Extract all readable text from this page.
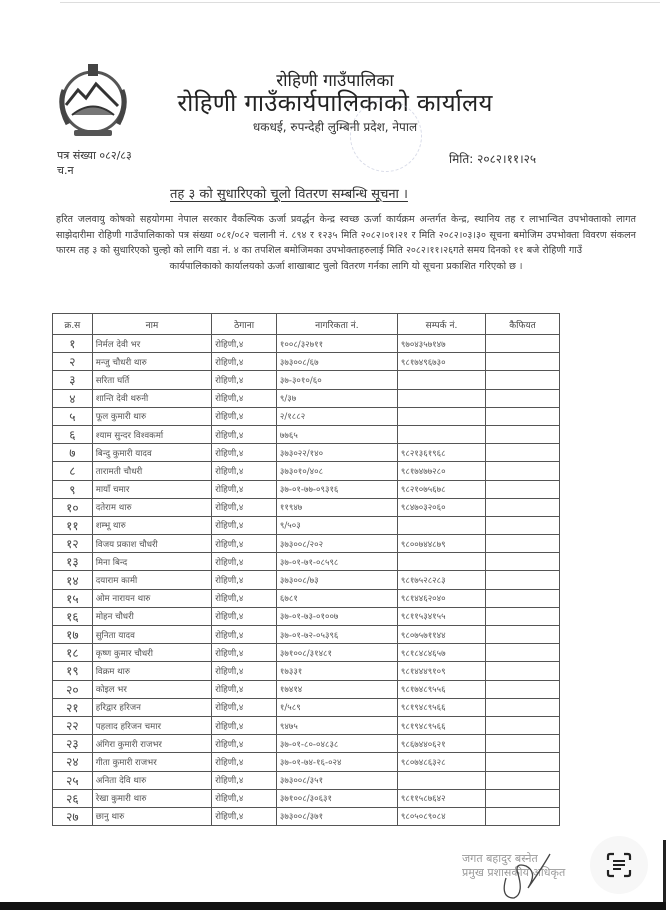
रोहिणी गाउँपालिका
रोहिणी गाउँकार्यपालिकाको कार्यालय
धकधई, रुपन्देही लुम्बिनी प्रदेश, नेपाल
पत्र संख्या ०८२/८३
च.न
मिति: २०८२।११।२५
तह ३ को सुधारिएको चूलो वितरण सम्बन्धि सूचना ।
हरित जलवायु कोषको सहयोगमा नेपाल सरकार वैकल्पिक ऊर्जा प्रवर्द्धन केन्द्र स्वच्छ ऊर्जा कार्यक्रम अन्तर्गत केन्द्र, स्थानिय तह र लाभान्वित उपभोक्ताको लागत साझेदारीमा रोहिणी गाउँपालिकाको पत्र संख्या ०८१/०८२ चलानी नं. ८९४ र १२३५ मिति २०८२।०१।२१ र मिति २०८२।०३।३० सूचना बमोजिम उपभोक्ता विवरण संकलन फारम तह ३ को सुधारिएको चुल्हो को लागि वडा नं. ४ का तपशिल बमोजिमका उपभोक्ताहरुलाई मिति २०८२।११।२६गते समय दिनको ११ बजे रोहिणी गाउँ
कार्यपालिकाको कार्यालयको ऊर्जा शाखाबाट चुलो वितरण गर्नका लागि यो सूचना प्रकाशित गरिएको छ ।
क्र.स	नाम	ठेगाना	नागरिकता नं.	सम्पर्क नं.	कैफियत
१	निर्मल देवी भर	रोहिणी,४	१००८/३२७११	९७०४३५७१४७	
२	मन्जु चौधरी थारु	रोहिणी,४	३७३००८/६७	९८१७४९६७३०	
३	सरिता घर्ति	रोहिणी,४	३७-३०१०/६०		
४	शान्ति देवी थरुनी	रोहिणी,४	९/३७		
५	फूल कुमारी थारु	रोहिणी,४	२/१८८२		
६	श्याम सुन्दर विश्वकर्मा	रोहिणी,४	७७६५		
७	बिन्दु कुमारी यादव	रोहिणी,४	३७३०२२/१४०	९८२१३६१९६८	
८	तारामती चौधरी	रोहिणी,४	३७३०१०/४०८	९८१७४७७२८०	
९	मायाँ चमार	रोहिणी,४	३७-०१-७७-०९३१६	९८२१०७५६७८	
१०	दतेराम थारु	रोहिणी,४	११९४७	९८४७०३२०६०	
११	शम्भू थारु	रोहिणी,४	९/५०३		
१२	विजय प्रकाश चौधरी	रोहिणी,४	३७३००८/२०२	९८००७४४८७९	
१३	मिना बिन्द	रोहिणी,४	३७-०१-७१-०८५९८		
१४	दयाराम कामी	रोहिणी,४	३७३००८/७३	९८१७५२८२८३	
१५	ओम नारायन थारु	रोहिणी,४	६७८१	९८१४४६२०४०	
१६	मोहन चौधरी	रोहिणी,४	३७-०१-७३-०१००७	९८११५३४१५५	
१७	सुनिता यादव	रोहिणी,४	३७-०१-७२-०५३९६	९८०७५७११४४	
१८	कृष्ण कुमार चौधरी	रोहिणी,४	३७१००८/३१४८१	९८१८४८४६५७	
१९	विक्रम थारु	रोहिणी,४	१७३३१	९८१४४४९१०९	
२०	कोइल भर	रोहिणी,४	१७४१४	९८१७४८९५५६	
२१	हरिद्वार हरिजन	रोहिणी,४	१/५८९	९८१९४८९५६६	
२२	पहलाद हरिजन चमार	रोहिणी,४	९४७५	९८१९४८९५६६	
२३	अंगिरा कुमारी राजभर	रोहिणी,४	३७-०१-८०-०४८३८	९८६७४४०६२१	
२४	गीता कुमारी राजभर	रोहिणी,४	३७-०१-७४-१६-०२४	९८०७४८६३२८	
२५	अनिता देवि थारु	रोहिणी,४	३७३००८/३५१		
२६	रेखा कुमारी थारु	रोहिणी,४	३७१००८/३०६३१	९८११५८७६४२	
२७	छानु थारु	रोहिणी,४	३७३००८/३७१	९८०५०८९०८४	
जगत बहादुर बस्नेत
प्रमुख प्रशासकीय अधिकृत
